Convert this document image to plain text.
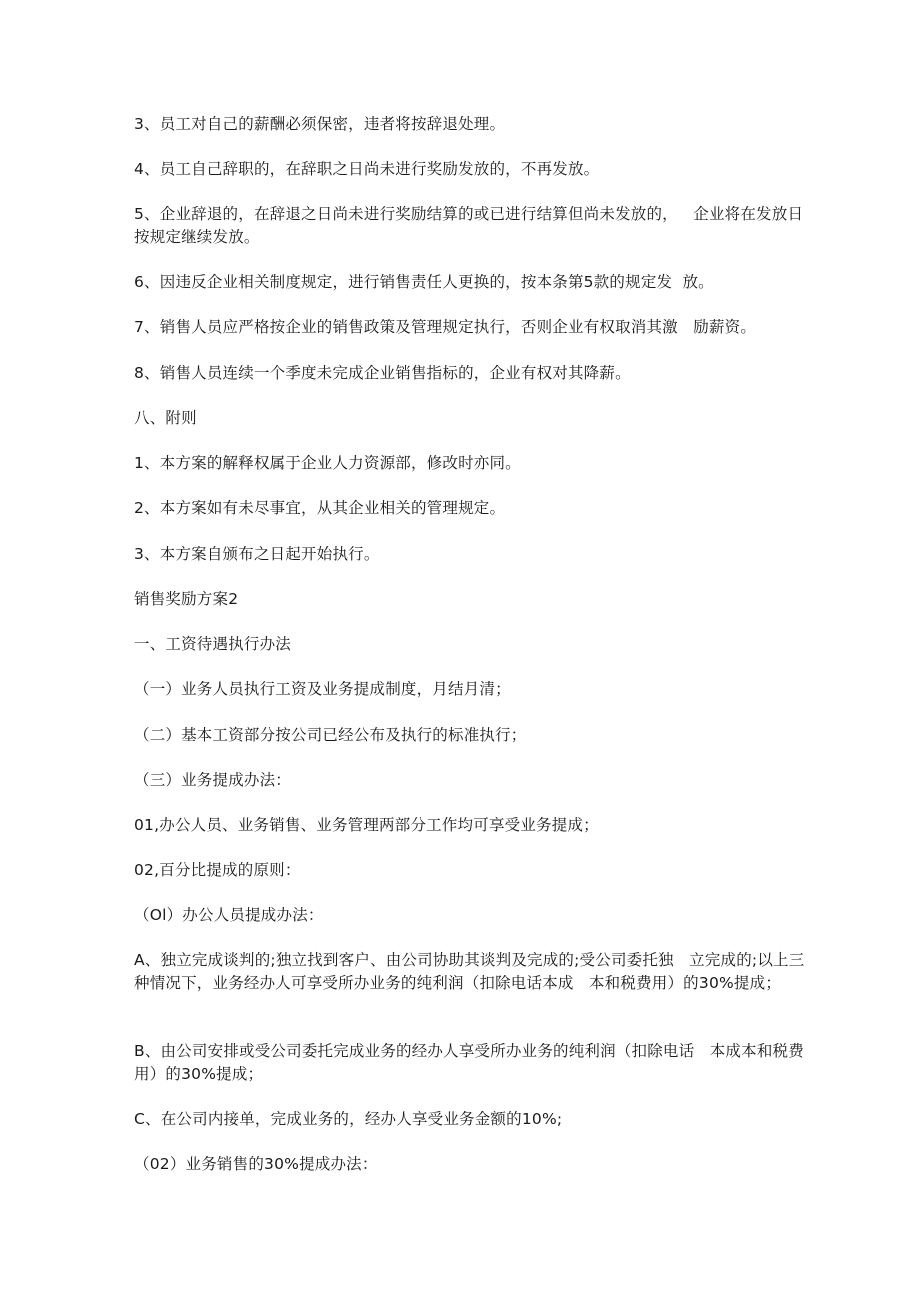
3、员工对自己的薪酬必须保密，违者将按辞退处理。

4、员工自己辞职的，在辞职之日尚未进行奖励发放的，不再发放。

5、企业辞退的，在辞退之日尚未进行奖励结算的或已进行结算但尚未发放的，   企业将在发放日按规定继续发放。

6、因违反企业相关制度规定，进行销售责任人更换的，按本条第5款的规定发  放。

7、销售人员应严格按企业的销售政策及管理规定执行，否则企业有权取消其激   励薪资。

8、销售人员连续一个季度未完成企业销售指标的，企业有权对其降薪。

八、附则

1、本方案的解释权属于企业人力资源部，修改时亦同。

2、本方案如有未尽事宜，从其企业相关的管理规定。

3、本方案自颁布之日起开始执行。

销售奖励方案2

一、工资待遇执行办法

（一）业务人员执行工资及业务提成制度，月结月清；

（二）基本工资部分按公司已经公布及执行的标准执行；

（三）业务提成办法：

01,办公人员、业务销售、业务管理两部分工作均可享受业务提成；

02,百分比提成的原则：

（Ol）办公人员提成办法：

A、独立完成谈判的;独立找到客户、由公司协助其谈判及完成的;受公司委托独   立完成的;以上三种情况下，业务经办人可享受所办业务的纯利润（扣除电话本成   本和税费用）的30%提成；

B、由公司安排或受公司委托完成业务的经办人享受所办业务的纯利润（扣除电话   本成本和税费用）的30%提成；

C、在公司内接单，完成业务的，经办人享受业务金额的10%;

（02）业务销售的30%提成办法：
